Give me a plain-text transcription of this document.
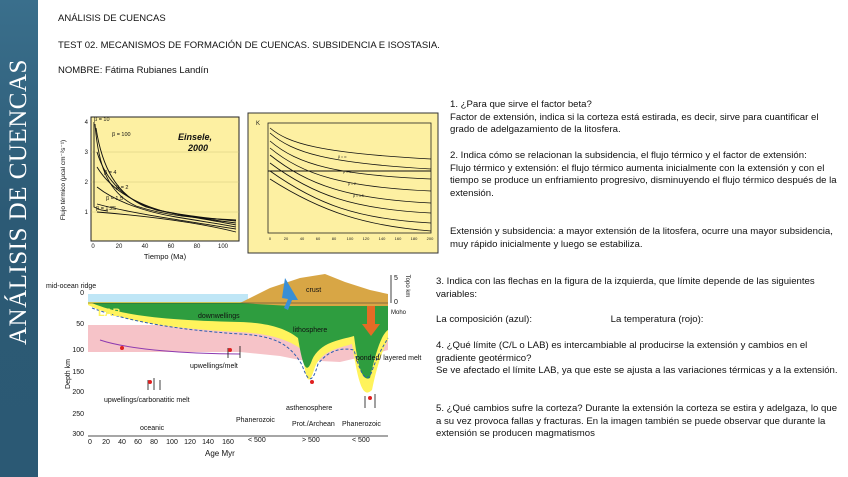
ANÁLISIS DE CUENCAS
ANÁLISIS DE CUENCAS
TEST 02. MECANISMOS DE FORMACIÓN DE CUENCAS. SUBSIDENCIA E ISOSTASIA.
NOMBRE: Fátima Rubianes Landín
β = 10
β = 100
β = 4
β = 2
β = 1.5
β = 1.25
Einsele,
2000
0	20	40	60	80	100
4
3
2
1
Tiempo (Ma)
Flujo térmico (μcal cm⁻²s⁻¹)
K
β = ∞
β = 4
β = 2
β = 1.5
0	20	40	60	80	100 120 140 160 180 200
mid-ocean ridge
LAB	downwellings
crust
lithosphere
upwellings/melt
upwellings/carbonatitic melt
asthenosphere
ponded/ layered melt
Moho
oceanic
Phanerozoic
Prot./Archean Phanerozoic
< 500	> 500	< 500
Age Myr
0
50
100
150
200
250
300
Depth km
0 20 40 60 80 100 120 140 160
5
0
Topo km

1. ¿Para que sirve el factor beta?

Factor de extensión, indica si la corteza está estirada, es decir, sirve para cuantificar el grado de adelgazamiento de la litosfera.

2. Indica cómo se relacionan la subsidencia, el flujo térmico y el factor de extensión:

Flujo térmico y extensión: el flujo térmico aumenta inicialmente con la extensión y con el tiempo se produce un enfriamiento progresivo, disminuyendo el flujo térmico después de la extensión.

Extensión y subsidencia: a mayor extensión de la litosfera, ocurre una mayor subsidencia, muy rápido inicialmente y luego se estabiliza.

3. Indica con las flechas en la figura de la izquierda, que límite depende de las siguientes variables:

La composición (azul):	La temperatura (rojo):

4. ¿Qué límite (C/L o LAB) es intercambiable al producirse la extensión y cambios en el gradiente geotérmico?

Se ve afectado el límite LAB, ya que este se ajusta a las variaciones térmicas y a la extensión.

5. ¿Qué cambios sufre la corteza? Durante la extensión la corteza se estira y adelgaza, lo que a su vez provoca fallas y fracturas. En la imagen también se puede observar que durante la extensión se producen magmatismos
